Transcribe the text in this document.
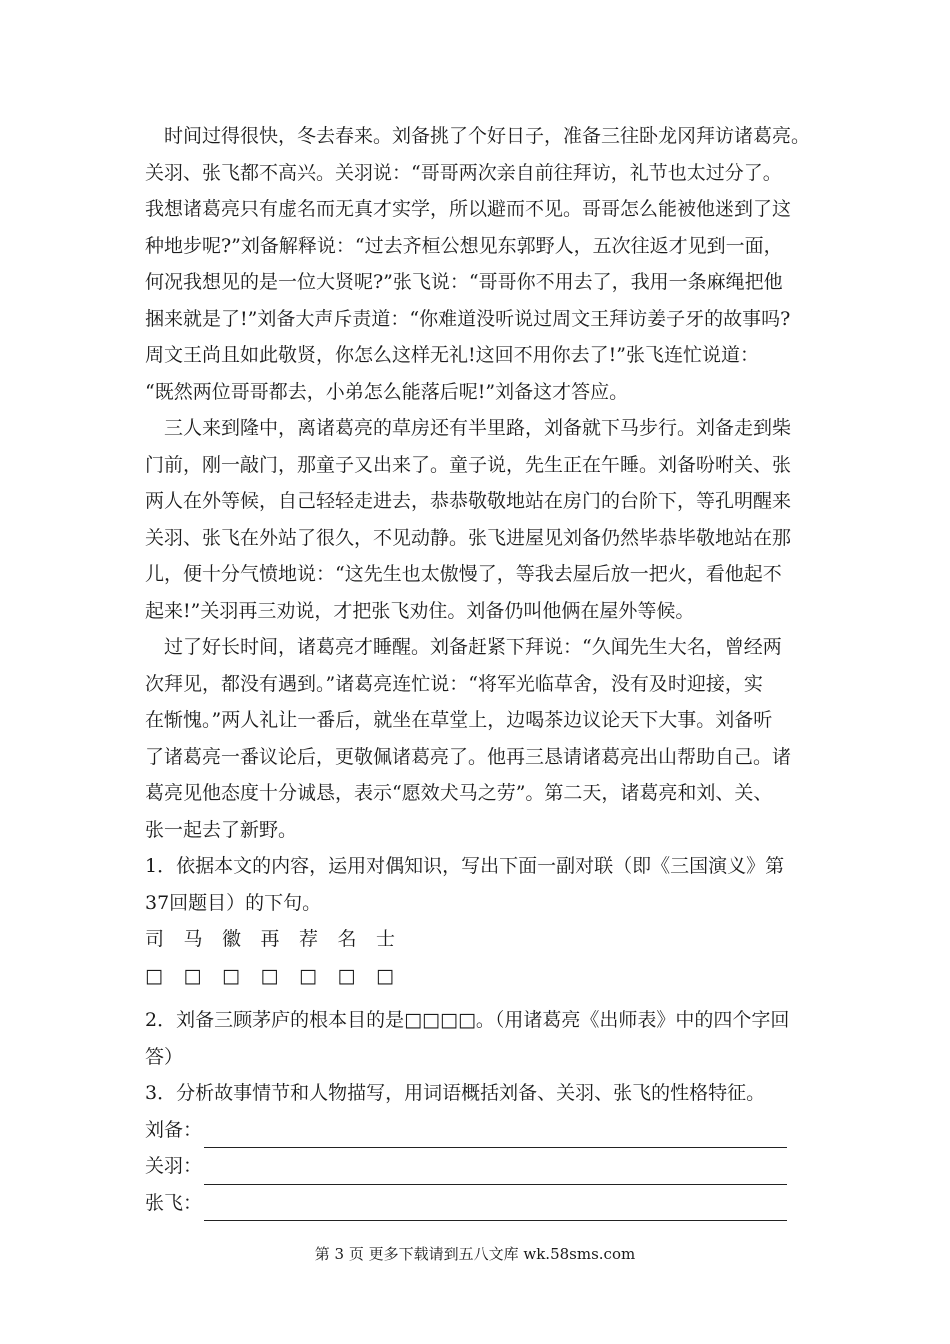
　时间过得很快，冬去春来。刘备挑了个好日子，准备三往卧龙冈拜访诸葛亮。
关羽、张飞都不高兴。关羽说：“哥哥两次亲自前往拜访，礼节也太过分了。
我想诸葛亮只有虚名而无真才实学，所以避而不见。哥哥怎么能被他迷到了这
种地步呢?”刘备解释说：“过去齐桓公想见东郭野人，五次往返才见到一面，
何况我想见的是一位大贤呢?”张飞说：“哥哥你不用去了，我用一条麻绳把他
捆来就是了!”刘备大声斥责道：“你难道没听说过周文王拜访姜子牙的故事吗?
周文王尚且如此敬贤，你怎么这样无礼!这回不用你去了!”张飞连忙说道：
“既然两位哥哥都去，小弟怎么能落后呢!”刘备这才答应。
　三人来到隆中，离诸葛亮的草房还有半里路，刘备就下马步行。刘备走到柴
门前，刚一敲门，那童子又出来了。童子说，先生正在午睡。刘备吩咐关、张
两人在外等候，自己轻轻走进去，恭恭敬敬地站在房门的台阶下，等孔明醒来
关羽、张飞在外站了很久，不见动静。张飞进屋见刘备仍然毕恭毕敬地站在那
儿，便十分气愤地说：“这先生也太傲慢了，等我去屋后放一把火，看他起不
起来!”关羽再三劝说，才把张飞劝住。刘备仍叫他俩在屋外等候。
　过了好长时间，诸葛亮才睡醒。刘备赶紧下拜说：“久闻先生大名，曾经两
次拜见，都没有遇到。”诸葛亮连忙说：“将军光临草舍，没有及时迎接，实
在惭愧。”两人礼让一番后，就坐在草堂上，边喝茶边议论天下大事。刘备听
了诸葛亮一番议论后，更敬佩诸葛亮了。他再三恳请诸葛亮出山帮助自己。诸
葛亮见他态度十分诚恳，表示“愿效犬马之劳”。第二天，诸葛亮和刘、关、
张一起去了新野。
1．依据本文的内容，运用对偶知识，写出下面一副对联（即《三国演义》第
37回题目）的下句。
司 马 徽 再 荐 名 士
□ □ □ □ □ □ □
2．刘备三顾茅庐的根本目的是□□□□。（用诸葛亮《出师表》中的四个字回
答）
3．分析故事情节和人物描写，用词语概括刘备、关羽、张飞的性格特征。
刘备：
关羽：
张飞：
第 3 页 更多下载请到五八文库 wk.58sms.com
